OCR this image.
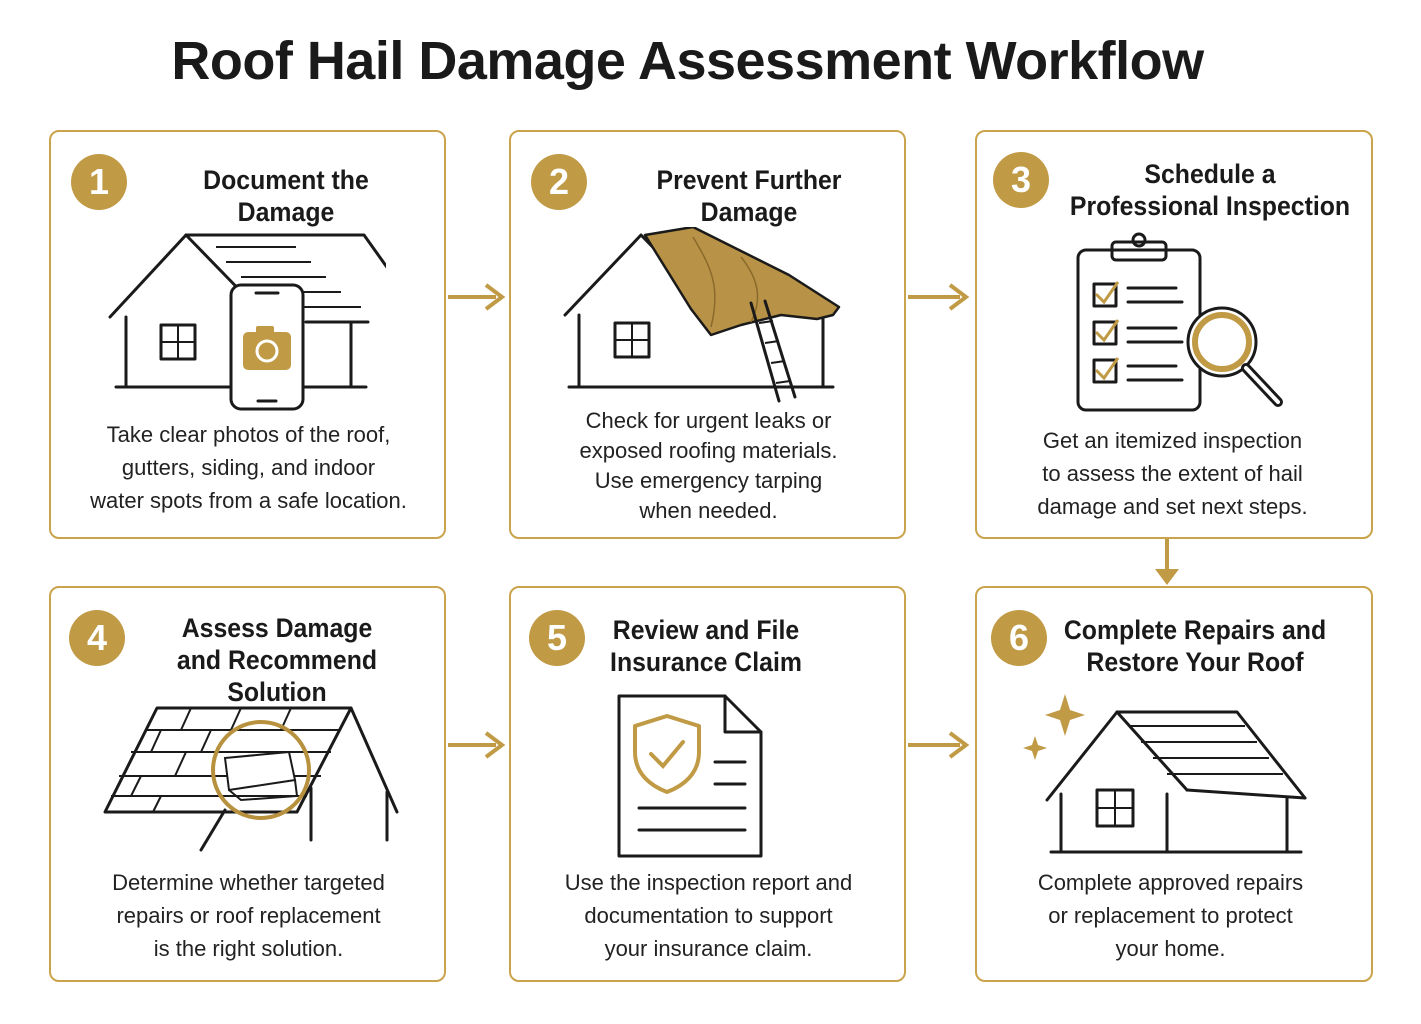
Roof Hail Damage Assessment Workflow
1	Document the Damage
Take clear photos of the roof,
gutters, siding, and indoor
water spots from a safe location.
2	Prevent Further Damage
Check for urgent leaks or
exposed roofing materials.
Use emergency tarping
when needed.
3	Schedule a
Professional Inspection
Get an itemized inspection
to assess the extent of hail
damage and set next steps.
4	Assess Damage
and Recommend Solution
Determine whether targeted
repairs or roof replacement
is the right solution.
5	Review and File
Insurance Claim
Use the inspection report and
documentation to support
your insurance claim.
6	Complete Repairs and
Restore Your Roof
Complete approved repairs
or replacement to protect
your home.
